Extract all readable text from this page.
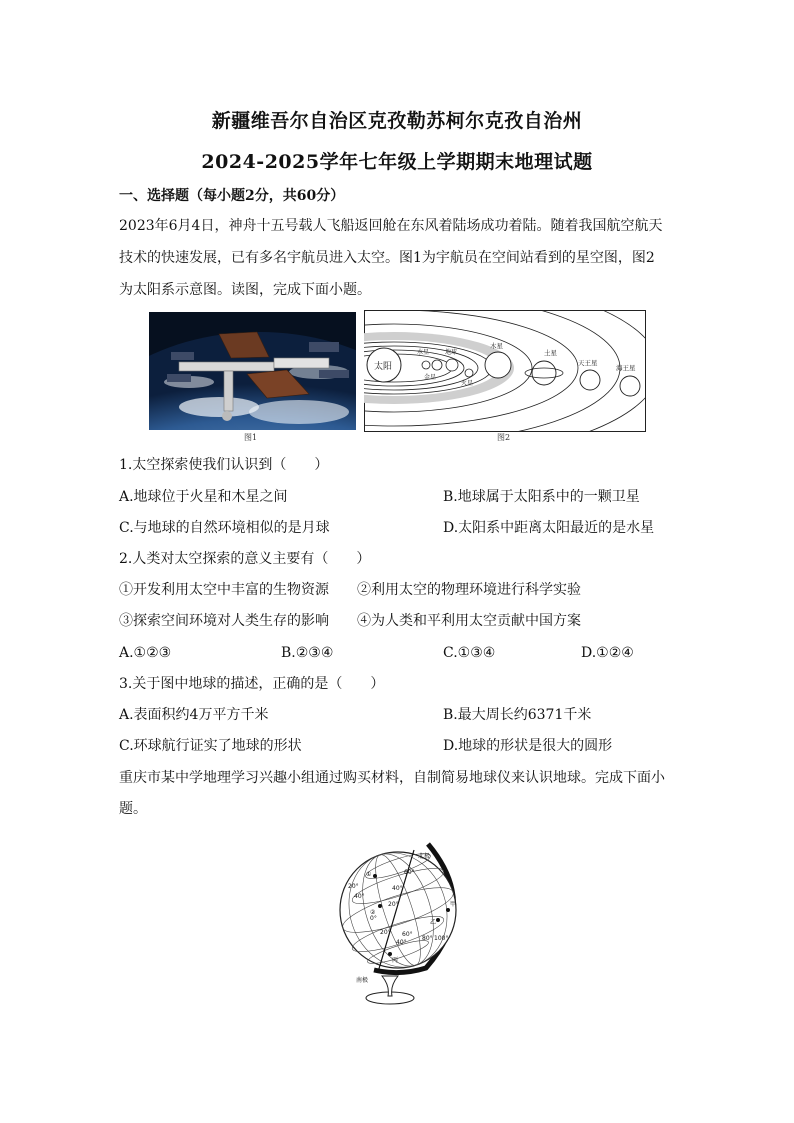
新疆维吾尔自治区克孜勒苏柯尔克孜自治州
2024-2025学年七年级上学期期末地理试题
一、选择题（每小题2分，共60分）
2023年6月4日，神舟十五号载人飞船返回舱在东风着陆场成功着陆。随着我国航空航天
技术的快速发展，已有多名宇航员进入太空。图1为宇航员在空间站看到的星空图，图2
为太阳系示意图。读图，完成下面小题。
图1
太阳
水星
金星
地球
火星
木星
土星
天王星
海王星
图2
1.太空探索使我们认识到（　　）
A.地球位于火星和木星之间	B.地球属于太阳系中的一颗卫星
C.与地球的自然环境相似的是月球	D.太阳系中距离太阳最近的是水星
2.人类对太空探索的意义主要有（　　）
①开发利用太空中丰富的生物资源 ②利用太空的物理环境进行科学实验
③探索空间环境对人类生存的影响 ④为人类和平利用太空贡献中国方案
A.①②③	B.②③④	C.①③④	D.①②④
3.关于图中地球的描述，正确的是（　　）
A.表面积约4万平方千米	B.最大周长约6371千米
C.环球航行证实了地球的形状	D.地球的形状是很大的圆形
重庆市某中学地理学习兴趣小组通过购买材料，自制简易地球仪来认识地球。完成下面小
题。
北极
南极
60°
40°
20°
0°
20°
40°
60°
20°
40°
80° 100°
①
②
甲
乙
丙
